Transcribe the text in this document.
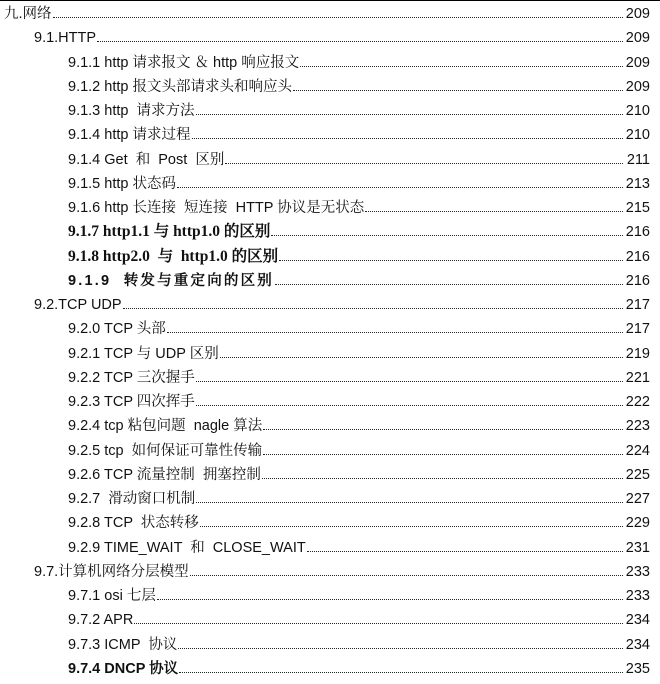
九.网络	209
9.1.HTTP	209
9.1.1 http 请求报文 ＆ http 响应报文	209
9.1.2 http 报文头部请求头和响应头	209
9.1.3 http  请求方法	210
9.1.4 http 请求过程	210
9.1.4 Get  和  Post  区别	211
9.1.5 http 状态码	213
9.1.6 http 长连接  短连接  HTTP 协议是无状态	215
9.1.7 http1.1 与 http1.0 的区别	216
9.1.8 http2.0  与  http1.0 的区别	216
9.1.9  转发与重定向的区别	216
9.2.TCP UDP	217
9.2.0 TCP 头部	217
9.2.1 TCP 与 UDP 区别	219
9.2.2 TCP 三次握手	221
9.2.3 TCP 四次挥手	222
9.2.4 tcp 粘包问题  nagle 算法	223
9.2.5 tcp  如何保证可靠性传输	224
9.2.6 TCP 流量控制  拥塞控制	225
9.2.7  滑动窗口机制	227
9.2.8 TCP  状态转移	229
9.2.9 TIME_WAIT  和  CLOSE_WAIT	231
9.7.计算机网络分层模型	233
9.7.1 osi 七层	233
9.7.2 APR	234
9.7.3 ICMP  协议	234
9.7.4 DNCP 协议	235
